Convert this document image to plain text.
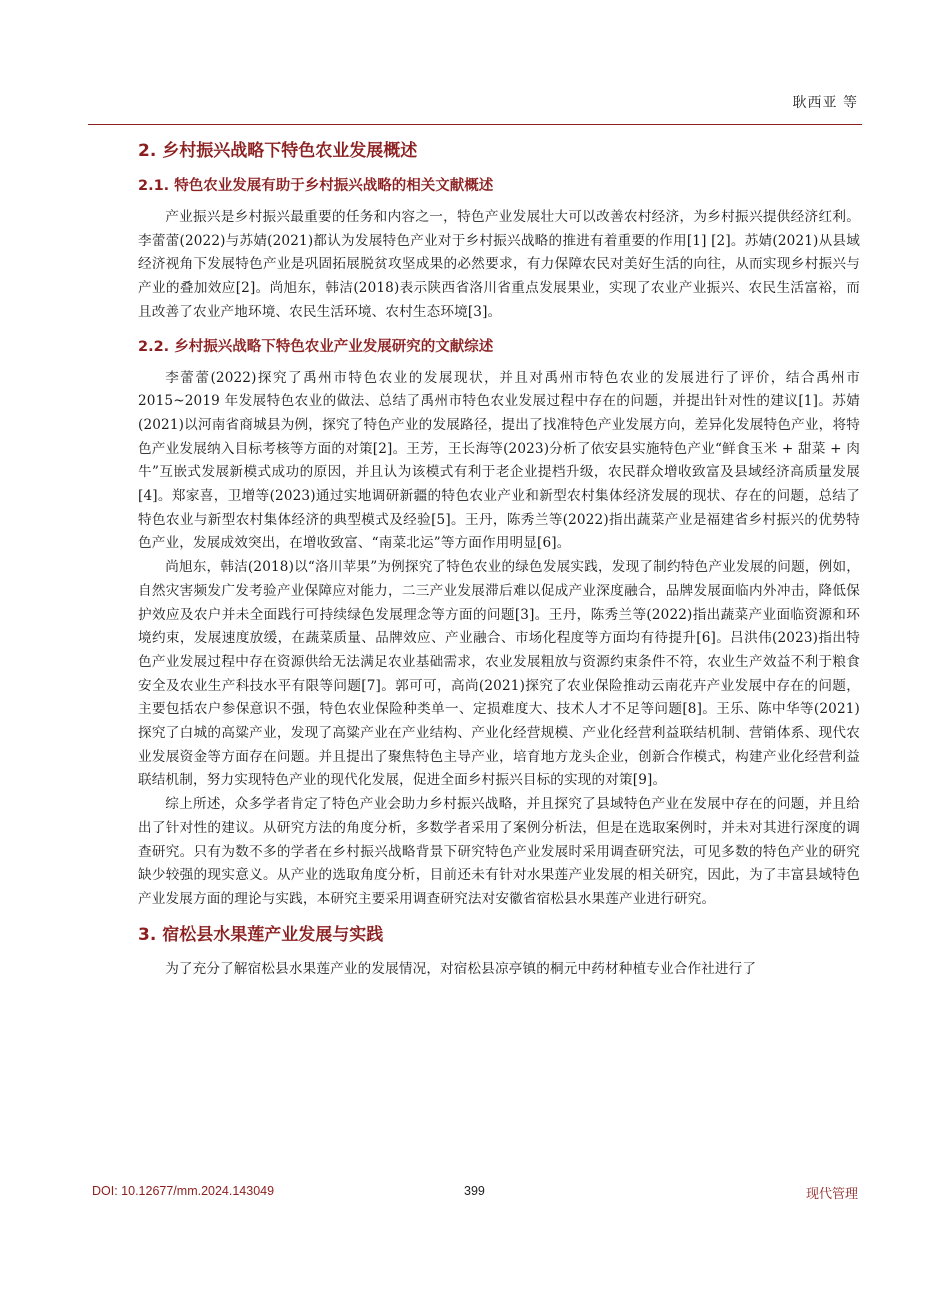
耿西亚 等
2. 乡村振兴战略下特色农业发展概述
2.1. 特色农业发展有助于乡村振兴战略的相关文献概述

产业振兴是乡村振兴最重要的任务和内容之一，特色产业发展壮大可以改善农村经济，为乡村振兴提供经济红利。李蕾蕾(2022)与苏婧(2021)都认为发展特色产业对于乡村振兴战略的推进有着重要的作用[1] [2]。苏婧(2021)从县域经济视角下发展特色产业是巩固拓展脱贫攻坚成果的必然要求，有力保障农民对美好生活的向往，从而实现乡村振兴与产业的叠加效应[2]。尚旭东，韩洁(2018)表示陕西省洛川省重点发展果业，实现了农业产业振兴、农民生活富裕，而且改善了农业产地环境、农民生活环境、农村生态环境[3]。

2.2. 乡村振兴战略下特色农业产业发展研究的文献综述

李蕾蕾(2022)探究了禹州市特色农业的发展现状，并且对禹州市特色农业的发展进行了评价，结合禹州市 2015~2019 年发展特色农业的做法、总结了禹州市特色农业发展过程中存在的问题，并提出针对性的建议[1]。苏婧(2021)以河南省商城县为例，探究了特色产业的发展路径，提出了找准特色产业发展方向，差异化发展特色产业，将特色产业发展纳入目标考核等方面的对策[2]。王芳，王长海等(2023)分析了依安县实施特色产业“鲜食玉米 + 甜菜 + 肉牛”互嵌式发展新模式成功的原因，并且认为该模式有利于老企业提档升级，农民群众增收致富及县域经济高质量发展[4]。郑家喜，卫增等(2023)通过实地调研新疆的特色农业产业和新型农村集体经济发展的现状、存在的问题，总结了特色农业与新型农村集体经济的典型模式及经验[5]。王丹，陈秀兰等(2022)指出蔬菜产业是福建省乡村振兴的优势特色产业，发展成效突出，在增收致富、“南菜北运”等方面作用明显[6]。

尚旭东，韩洁(2018)以“洛川苹果”为例探究了特色农业的绿色发展实践，发现了制约特色产业发展的问题，例如，自然灾害频发广发考验产业保障应对能力，二三产业发展滞后难以促成产业深度融合，品牌发展面临内外冲击，降低保护效应及农户并未全面践行可持续绿色发展理念等方面的问题[3]。王丹，陈秀兰等(2022)指出蔬菜产业面临资源和环境约束，发展速度放缓，在蔬菜质量、品牌效应、产业融合、市场化程度等方面均有待提升[6]。吕洪伟(2023)指出特色产业发展过程中存在资源供给无法满足农业基础需求，农业发展粗放与资源约束条件不符，农业生产效益不利于粮食安全及农业生产科技水平有限等问题[7]。郭可可，高尚(2021)探究了农业保险推动云南花卉产业发展中存在的问题，主要包括农户参保意识不强，特色农业保险种类单一、定损难度大、技术人才不足等问题[8]。王乐、陈中华等(2021)探究了白城的高粱产业，发现了高粱产业在产业结构、产业化经营规模、产业化经营利益联结机制、营销体系、现代农业发展资金等方面存在问题。并且提出了聚焦特色主导产业，培育地方龙头企业，创新合作模式，构建产业化经营利益联结机制，努力实现特色产业的现代化发展，促进全面乡村振兴目标的实现的对策[9]。

综上所述，众多学者肯定了特色产业会助力乡村振兴战略，并且探究了县域特色产业在发展中存在的问题，并且给出了针对性的建议。从研究方法的角度分析，多数学者采用了案例分析法，但是在选取案例时，并未对其进行深度的调查研究。只有为数不多的学者在乡村振兴战略背景下研究特色产业发展时采用调查研究法，可见多数的特色产业的研究缺少较强的现实意义。从产业的选取角度分析，目前还未有针对水果莲产业发展的相关研究，因此，为了丰富县域特色产业发展方面的理论与实践，本研究主要采用调查研究法对安徽省宿松县水果莲产业进行研究。

3. 宿松县水果莲产业发展与实践

为了充分了解宿松县水果莲产业的发展情况，对宿松县凉亭镇的桐元中药材种植专业合作社进行了

DOI: 10.12677/mm.2024.143049	399	现代管理
